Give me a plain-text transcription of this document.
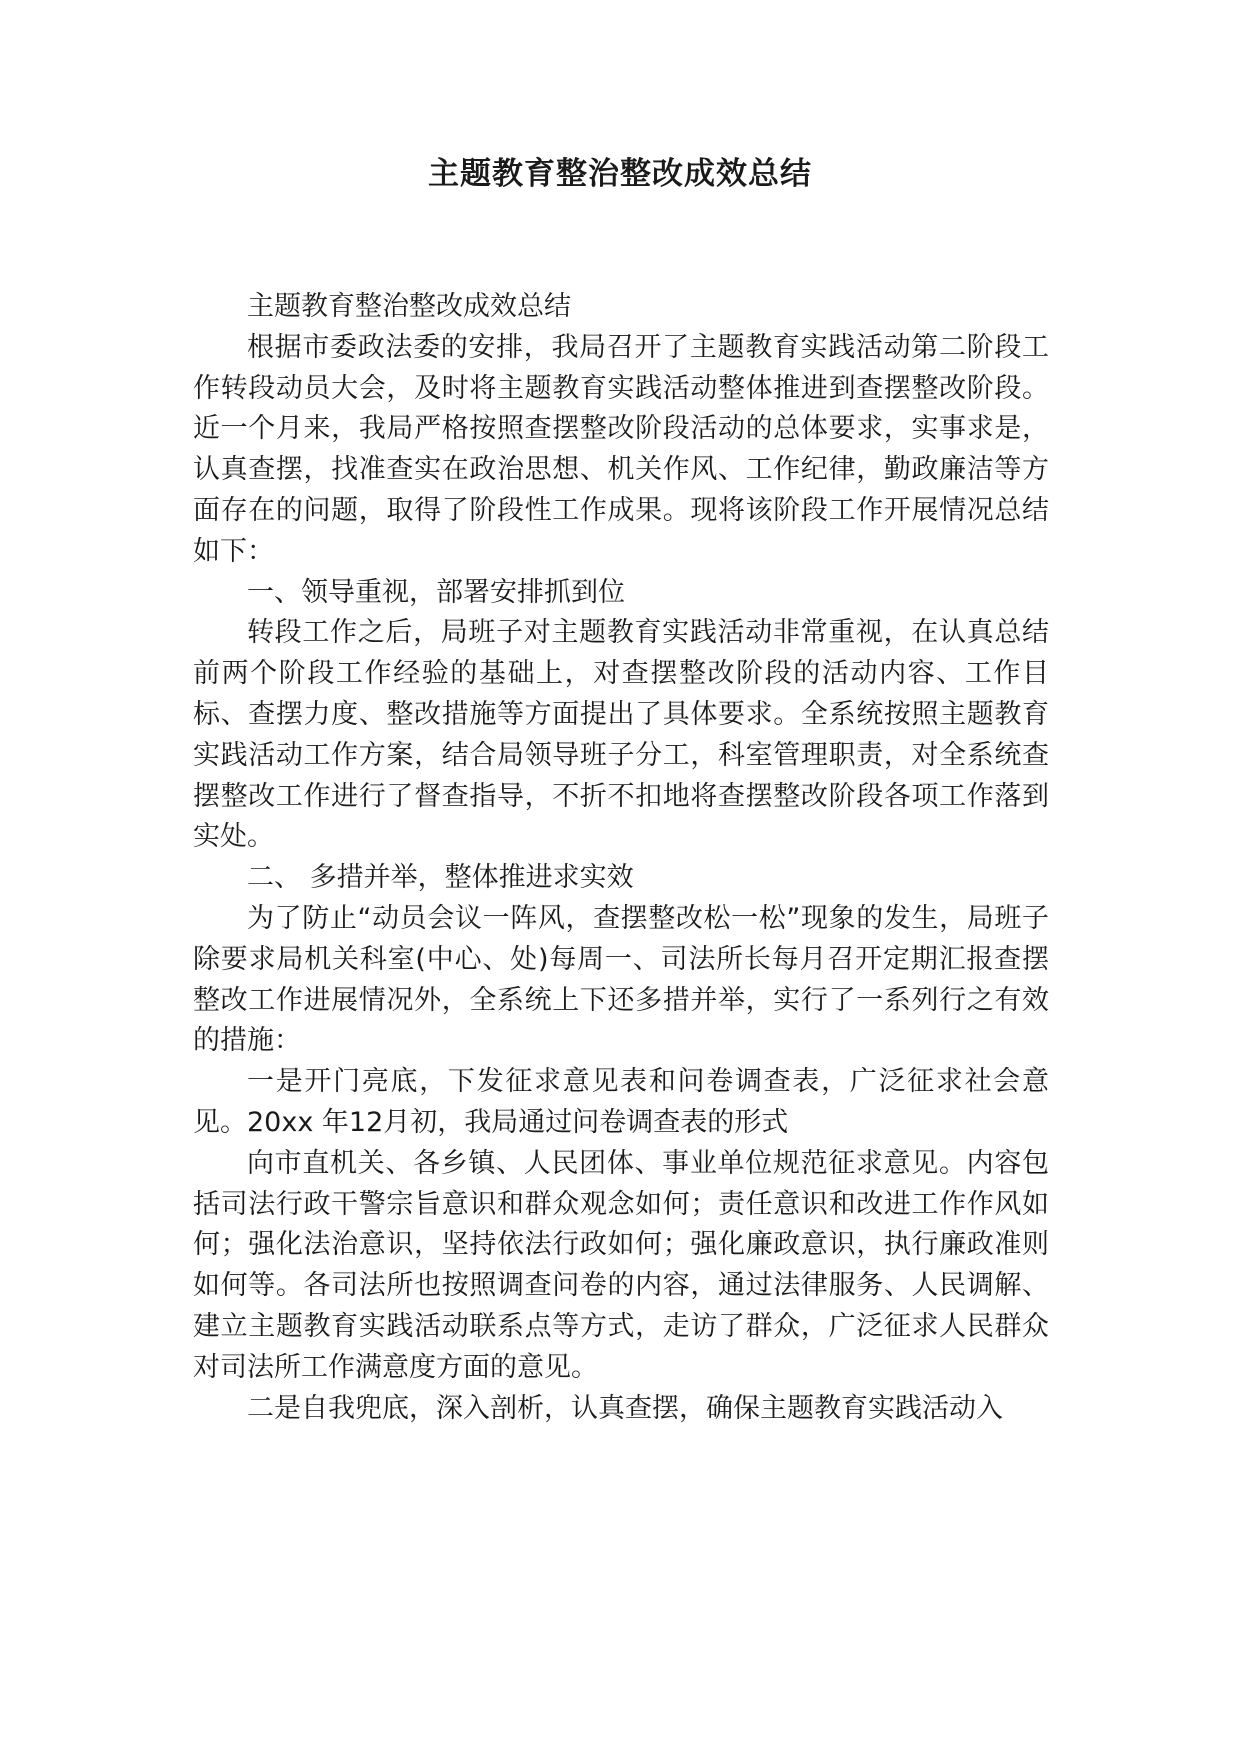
主题教育整治整改成效总结

主题教育整治整改成效总结

根据市委政法委的安排，我局召开了主题教育实践活动第二阶段工作转段动员大会，及时将主题教育实践活动整体推进到查摆整改阶段。近一个月来，我局严格按照查摆整改阶段活动的总体要求，实事求是，认真查摆，找准查实在政治思想、机关作风、工作纪律，勤政廉洁等方面存在的问题，取得了阶段性工作成果。现将该阶段工作开展情况总结如下：

一、领导重视，部署安排抓到位

转段工作之后，局班子对主题教育实践活动非常重视，在认真总结前两个阶段工作经验的基础上，对查摆整改阶段的活动内容、工作目标、查摆力度、整改措施等方面提出了具体要求。全系统按照主题教育实践活动工作方案，结合局领导班子分工，科室管理职责，对全系统查摆整改工作进行了督查指导，不折不扣地将查摆整改阶段各项工作落到实处。

二、 多措并举，整体推进求实效

为了防止“动员会议一阵风，查摆整改松一松”现象的发生，局班子除要求局机关科室(中心、处)每周一、司法所长每月召开定期汇报查摆整改工作进展情况外，全系统上下还多措并举，实行了一系列行之有效的措施：

一是开门亮底，下发征求意见表和问卷调查表，广泛征求社会意见。20xx 年12月初，我局通过问卷调查表的形式

向市直机关、各乡镇、人民团体、事业单位规范征求意见。内容包括司法行政干警宗旨意识和群众观念如何；责任意识和改进工作作风如何；强化法治意识，坚持依法行政如何；强化廉政意识，执行廉政准则如何等。各司法所也按照调查问卷的内容，通过法律服务、人民调解、建立主题教育实践活动联系点等方式，走访了群众，广泛征求人民群众对司法所工作满意度方面的意见。

二是自我兜底，深入剖析，认真查摆，确保主题教育实践活动入
